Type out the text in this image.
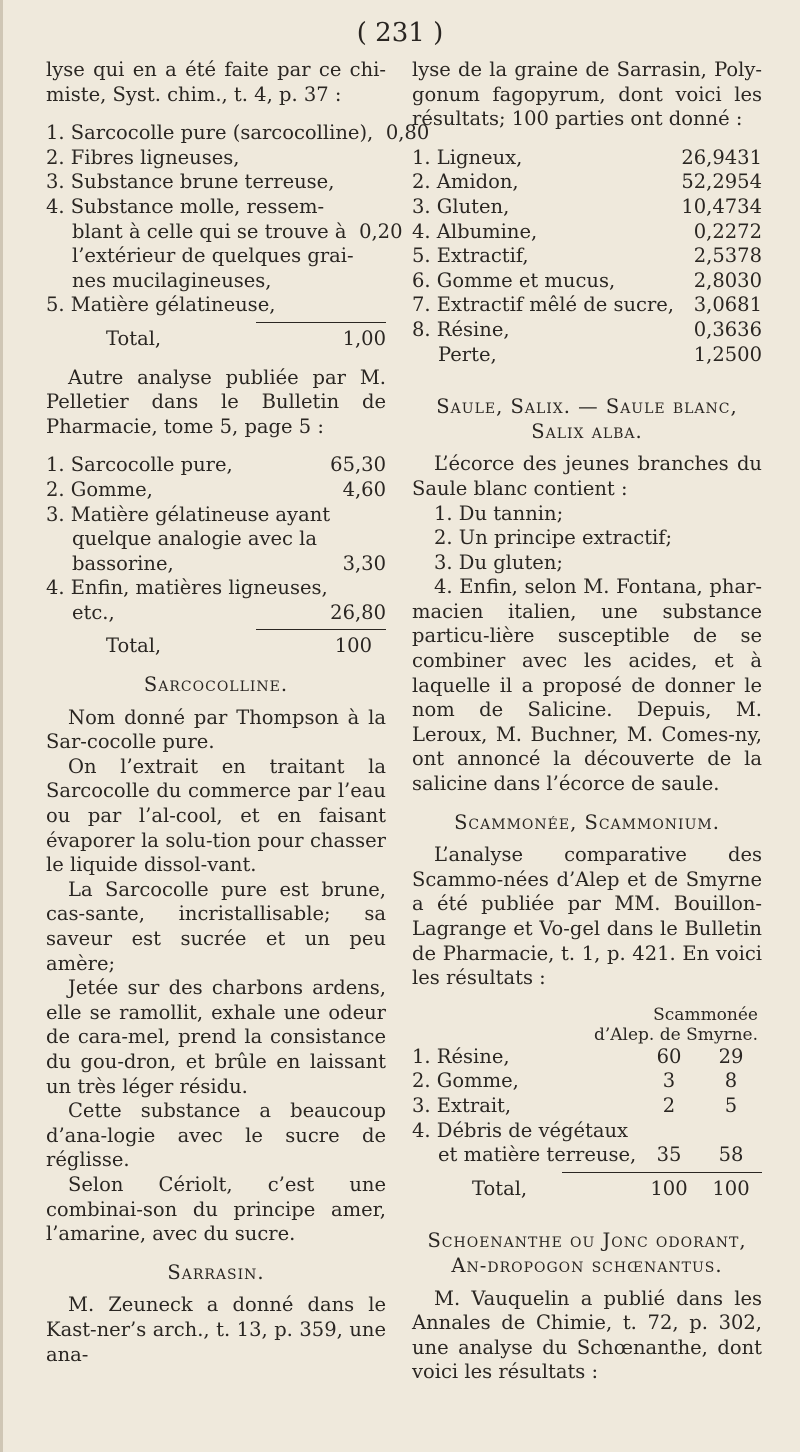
( 231 )

lyse qui en a été faite par ce chi-miste, Syst. chim., t. 4, p. 37 :

1. Sarcocolle pure (sarcocolline), 0,80
2. Fibres ligneuses,
3. Substance brune terreuse,
4. Substance molle, ressem-
blant à celle qui se trouve à 0,20
l’extérieur de quelques grai-
nes mucilagineuses,
5. Matière gélatineuse,
Total,	1,00

Autre analyse publiée par M. Pelletier dans le Bulletin de Pharmacie, tome 5, page 5 :

1. Sarcocolle pure,	65,30
2. Gomme,	4,60
3. Matière gélatineuse ayant
quelque analogie avec la
bassorine,	3,30
4. Enfin, matières ligneuses,
etc.,	26,80
Total,	100
Sarcocolline.

Nom donné par Thompson à la Sar-cocolle pure.

On l’extrait en traitant la Sarcocolle du commerce par l’eau ou par l’al-cool, et en faisant évaporer la solu-tion pour chasser le liquide dissol-vant.

La Sarcocolle pure est brune, cas-sante, incristallisable; sa saveur est sucrée et un peu amère;

Jetée sur des charbons ardens, elle se ramollit, exhale une odeur de cara-mel, prend la consistance du gou-dron, et brûle en laissant un très léger résidu.

Cette substance a beaucoup d’ana-logie avec le sucre de réglisse.

Selon Cériolt, c’est une combinai-son du principe amer, l’amarine, avec du sucre.

Sarrasin.

M. Zeuneck a donné dans le Kast-ner’s arch., t. 13, p. 359, une ana-

lyse de la graine de Sarrasin, Poly-gonum fagopyrum, dont voici les résultats; 100 parties ont donné :

1. Ligneux,	26,9431
2. Amidon,	52,2954
3. Gluten,	10,4734
4. Albumine,	0,2272
5. Extractif,	2,5378
6. Gomme et mucus,	2,8030
7. Extractif mêlé de sucre,	3,0681
8. Résine,	0,3636
Perte,	1,2500

Saule, Salix. — Saule blanc, Salix alba.

L’écorce des jeunes branches du Saule blanc contient :

1. Du tannin;

2. Un principe extractif;

3. Du gluten;

4. Enfin, selon M. Fontana, phar-macien italien, une substance particu-lière susceptible de se combiner avec les acides, et à laquelle il a proposé de donner le nom de Salicine. Depuis, M. Leroux, M. Buchner, M. Comes-ny, ont annoncé la découverte de la salicine dans l’écorce de saule.

Scammonée, Scammonium.

L’analyse comparative des Scammo-nées d’Alep et de Smyrne a été publiée par MM. Bouillon-Lagrange et Vo-gel dans le Bulletin de Pharmacie, t. 1, p. 421. En voici les résultats :

Scammonée
d’Alep. de Smyrne.
1. Résine,	60	29
2. Gomme,	3	8
3. Extrait,	2	5
4. Débris de végétaux
et matière terreuse,	35	58
Total,	100	100

Schoenanthe ou Jonc odorant, An-dropogon schœnantus.

M. Vauquelin a publié dans les Annales de Chimie, t. 72, p. 302, une analyse du Schœnanthe, dont voici les résultats :
